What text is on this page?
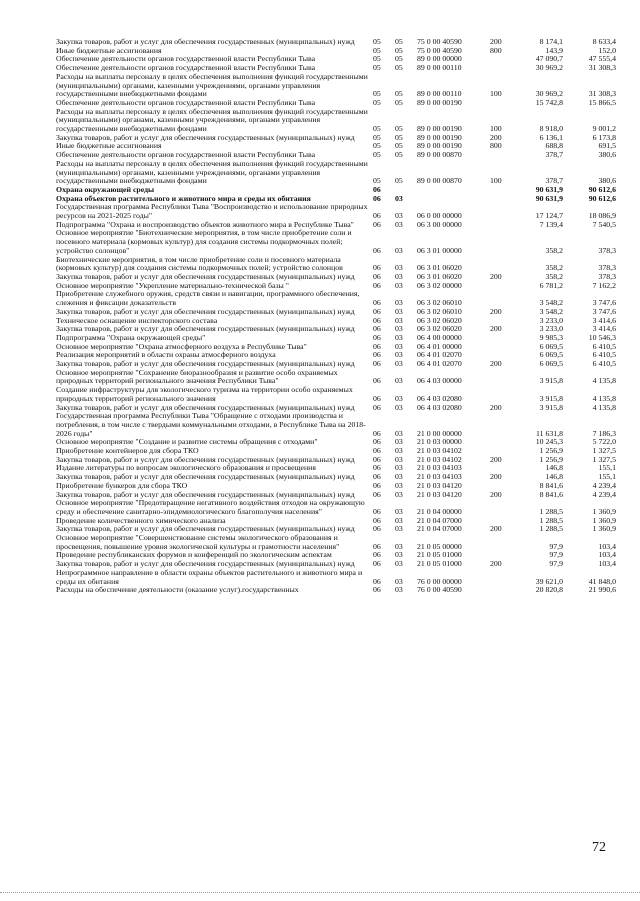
Закупка товаров, работ и услуг для обеспечения государственных (муниципальных) нужд	05	05	75 0 00 40590	200	8 174,1	8 633,4
Иные бюджетные ассигнования	05	05	75 0 00 40590	800	143,9	152,0
Обеспечение деятельности органов государственной власти Республики Тыва	05	05	89 0 00 00000		47 090,7	47 555,4
Обеспечение деятельности органов государственной власти Республики Тыва	05	05	89 0 00 00110		30 969,2	31 308,3
Расходы на выплаты персоналу в целях обеспечения выполнения функций государственными (муниципальными) органами, казенными учреждениями, органами управления государственными внебюджетными фондами	05	05	89 0 00 00110	100	30 969,2	31 308,3
Обеспечение деятельности органов государственной власти Республики Тыва	05	05	89 0 00 00190		15 742,8	15 866,5
Расходы на выплаты персоналу в целях обеспечения выполнения функций государственными (муниципальными) органами, казенными учреждениями, органами управления государственными внебюджетными фондами	05	05	89 0 00 00190	100	8 918,0	9 001,2
Закупка товаров, работ и услуг для обеспечения государственных (муниципальных) нужд	05	05	89 0 00 00190	200	6 136,1	6 173,8
Иные бюджетные ассигнования	05	05	89 0 00 00190	800	688,8	691,5
Обеспечение деятельности органов государственной власти Республики Тыва	05	05	89 0 00 00870		378,7	380,6
Расходы на выплаты персоналу в целях обеспечения выполнения функций государственными (муниципальными) органами, казенными учреждениями, органами управления государственными внебюджетными фондами	05	05	89 0 00 00870	100	378,7	380,6
Охрана окружающей среды	06				90 631,9	90 612,6
Охрана объектов растительного и животного мира и среды их обитания	06	03			90 631,9	90 612,6
Государственная программа Республики Тыва "Воспроизводство и использование природных ресурсов на 2021-2025 годы"	06	03	06 0 00 00000		17 124,7	18 086,9
Подпрограмма "Охрана и воспроизводство объектов животного мира в Республике Тыва"	06	03	06 3 00 00000		7 139,4	7 540,5
Основное мероприятие "Биотехнические мероприятия, в том числе приобретение соли и посевного материала (кормовых культур) для создания системы подкормочных полей; устройство солонцов"	06	03	06 3 01 00000		358,2	378,3
Биотехнические мероприятия, в том числе приобретение соли и посевного материала (кормовых культур) для создания системы подкормочных полей; устройство солонцов	06	03	06 3 01 06020		358,2	378,3
Закупка товаров, работ и услуг для обеспечения государственных (муниципальных) нужд	06	03	06 3 01 06020	200	358,2	378,3
Основное мероприятие "Укрепление материально-технической базы "	06	03	06 3 02 00000		6 781,2	7 162,2
Приобретение служебного оружия, средств связи и навигации, программного обеспечения, слежения и фиксации доказательств	06	03	06 3 02 06010		3 548,2	3 747,6
Закупка товаров, работ и услуг для обеспечения государственных (муниципальных) нужд	06	03	06 3 02 06010	200	3 548,2	3 747,6
Техническое оснащение инспекторского состава	06	03	06 3 02 06020		3 233,0	3 414,6
Закупка товаров, работ и услуг для обеспечения государственных (муниципальных) нужд	06	03	06 3 02 06020	200	3 233,0	3 414,6
Подпрограмма "Охрана окружающей среды"	06	03	06 4 00 00000		9 985,3	10 546,3
Основное мероприятие "Охрана атмосферного воздуха в Республике Тыва"	06	03	06 4 01 00000		6 069,5	6 410,5
Реализация мероприятий в области охраны атмосферного воздуха	06	03	06 4 01 02070		6 069,5	6 410,5
Закупка товаров, работ и услуг для обеспечения государственных (муниципальных) нужд	06	03	06 4 01 02070	200	6 069,5	6 410,5
Основное мероприятие "Сохранение биоразнообразия и развитие особо охраняемых природных территорий регионального значения Республики Тыва"	06	03	06 4 03 00000		3 915,8	4 135,8
Создание инфраструктуры для экологического туризма на территории особо охраняемых природных территорий регионального значения	06	03	06 4 03 02080		3 915,8	4 135,8
Закупка товаров, работ и услуг для обеспечения государственных (муниципальных) нужд	06	03	06 4 03 02080	200	3 915,8	4 135,8
Государственная программа Республики Тыва "Обращение с отходами производства и потребления, в том числе с твердыми коммунальными отходами, в Республике Тыва на 2018-2026 годы"	06	03	21 0 00 00000		11 631,8	7 186,3
Основное мероприятие "Создание и развитие системы обращения с отходами"	06	03	21 0 03 00000		10 245,3	5 722,0
Приобретение контейнеров для сбора ТКО	06	03	21 0 03 04102		1 256,9	1 327,5
Закупка товаров, работ и услуг для обеспечения государственных (муниципальных) нужд	06	03	21 0 03 04102	200	1 256,9	1 327,5
Издание литературы по вопросам экологического образования и просвещения	06	03	21 0 03 04103		146,8	155,1
Закупка товаров, работ и услуг для обеспечения государственных (муниципальных) нужд	06	03	21 0 03 04103	200	146,8	155,1
Приобретение бункеров для сбора ТКО	06	03	21 0 03 04120		8 841,6	4 239,4
Закупка товаров, работ и услуг для обеспечения государственных (муниципальных) нужд	06	03	21 0 03 04120	200	8 841,6	4 239,4
Основное мероприятие "Предотвращение негативного воздействия отходов на окружающую среду и обеспечение санитарно-эпидемиологического благополучия населения"	06	03	21 0 04 00000		1 288,5	1 360,9
Проведение количественного химического анализа	06	03	21 0 04 07000		1 288,5	1 360,9
Закупка товаров, работ и услуг для обеспечения государственных (муниципальных) нужд	06	03	21 0 04 07000	200	1 288,5	1 360,9
Основное мероприятие "Совершенствование системы экологического образования и просвещения, повышение уровня экологической культуры и грамотности населения"	06	03	21 0 05 00000		97,9	103,4
Проведение республиканских форумов и конференций по экологическим аспектам	06	03	21 0 05 01000		97,9	103,4
Закупка товаров, работ и услуг для обеспечения государственных (муниципальных) нужд	06	03	21 0 05 01000	200	97,9	103,4
Непрограммное направление в области охраны объектов растительного и животного мира и среды их обитания	06	03	76 0 00 00000		39 621,0	41 848,0
Расходы на обеспечение деятельности (оказание услуг).государственных	06	03	76 0 00 40590		20 820,8	21 990,6
72
